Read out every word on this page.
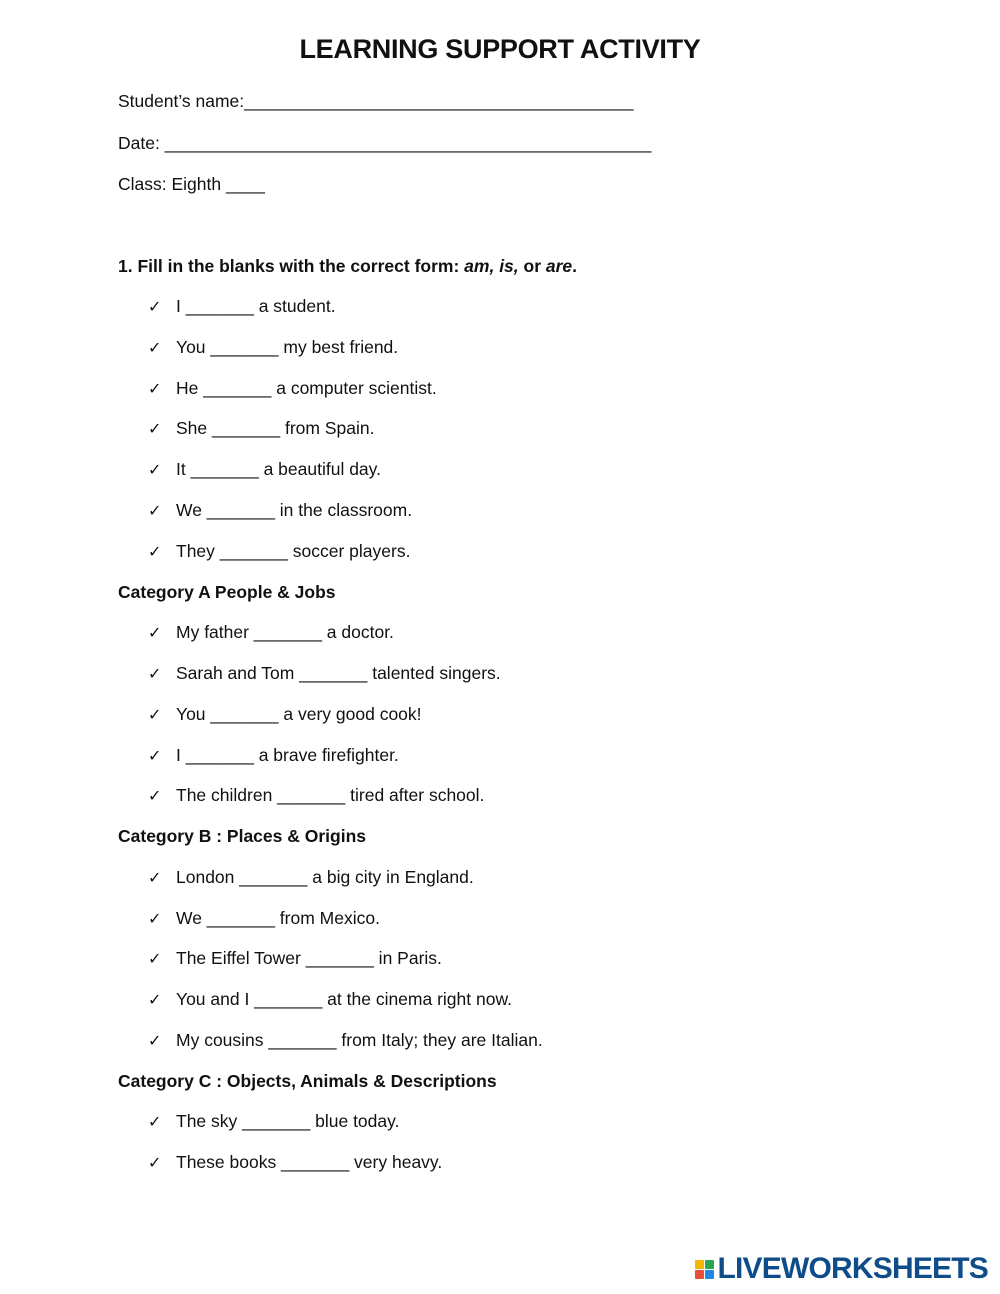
LEARNING SUPPORT ACTIVITY
Student’s name:________________________________________
Date: __________________________________________________
Class: Eighth ____
1. Fill in the blanks with the correct form: am, is, or are.
✓ I _______ a student.
✓ You _______ my best friend.
✓ He _______ a computer scientist.
✓ She _______ from Spain.
✓ It _______ a beautiful day.
✓ We _______ in the classroom.
✓ They _______ soccer players.
Category A People & Jobs
✓ My father _______ a doctor.
✓ Sarah and Tom _______ talented singers.
✓ You _______ a very good cook!
✓ I _______ a brave firefighter.
✓ The children _______ tired after school.
Category B : Places & Origins
✓ London _______ a big city in England.
✓ We _______ from Mexico.
✓ The Eiffel Tower _______ in Paris.
✓ You and I _______ at the cinema right now.
✓ My cousins _______ from Italy; they are Italian.
Category C : Objects, Animals & Descriptions
✓ The sky _______ blue today.
✓ These books _______ very heavy.
LIVEWORKSHEETS
